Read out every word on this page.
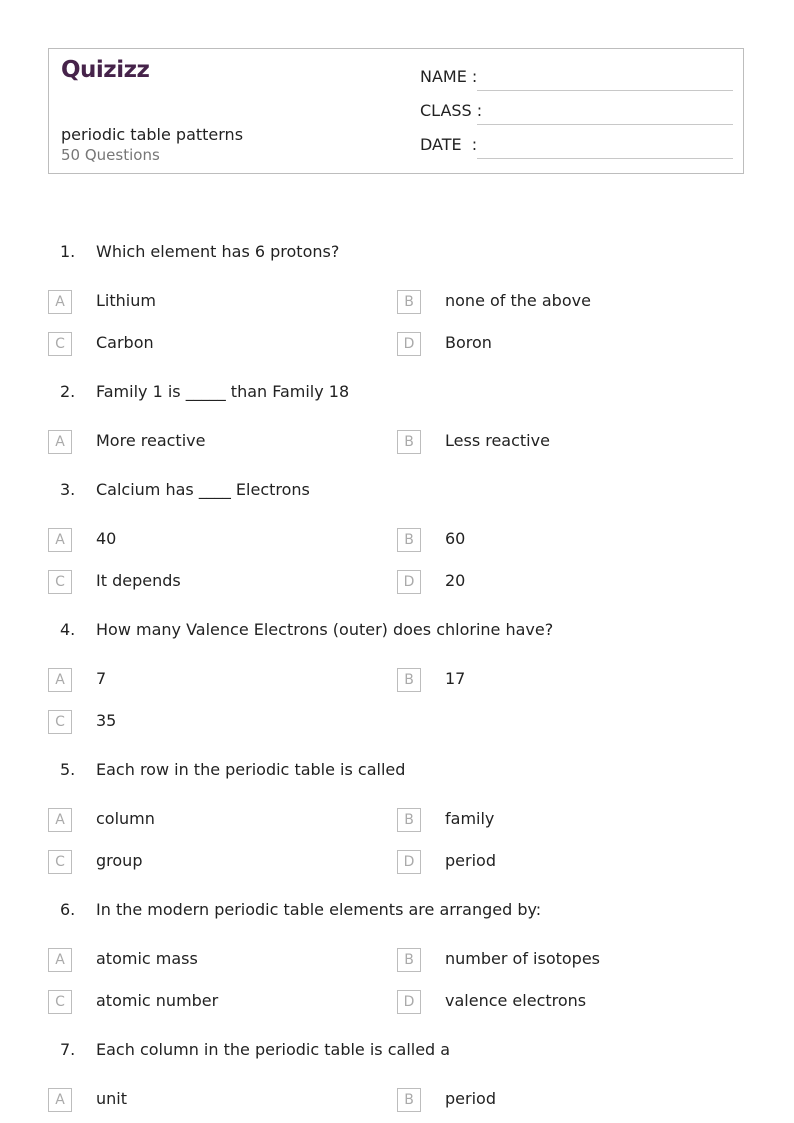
Quizizz
periodic table patterns
50 Questions
NAME :
CLASS :
DATE  :
1. Which element has 6 protons?
A	Lithium	B	none of the above
C	Carbon	D	Boron
2. Family 1 is _____ than Family 18
A	More reactive	B	Less reactive
3. Calcium has ____ Electrons
A	40	B	60
C	It depends	D	20
4. How many Valence Electrons (outer) does chlorine have?
A	7	B	17
C	35
5. Each row in the periodic table is called
A	column	B	family
C	group	D	period
6. In the modern periodic table elements are arranged by:
A	atomic mass	B	number of isotopes
C	atomic number	D	valence electrons
7. Each column in the periodic table is called a
A	unit	B	period
